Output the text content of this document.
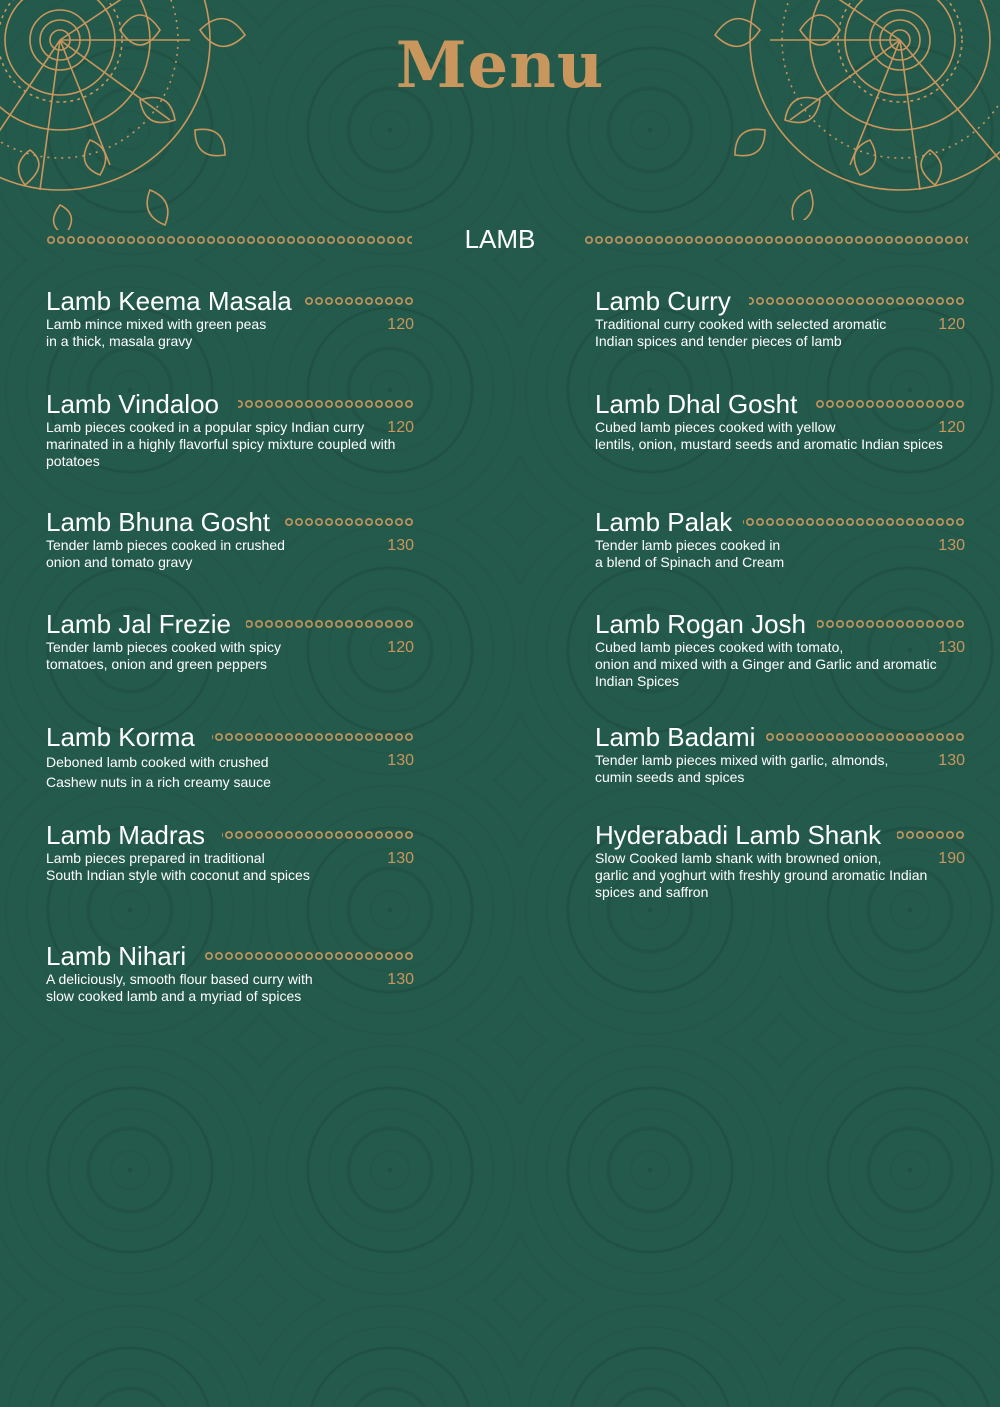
Menu
LAMB
Lamb Keema Masala
Lamb mince mixed with green peas
in a thick, masala gravy
120
Lamb Vindaloo
Lamb pieces cooked in a popular spicy Indian curry
marinated in a highly flavorful spicy mixture coupled with
potatoes
120
Lamb Bhuna Gosht
Tender lamb pieces cooked in crushed
onion and tomato gravy
130
Lamb Jal Frezie
Tender lamb pieces cooked with spicy
tomatoes, onion and green peppers
120
Lamb Korma
Deboned lamb cooked with crushed
Cashew nuts in a rich creamy sauce
130
Lamb Madras
Lamb pieces prepared in traditional
South Indian style with coconut and spices
130
Lamb Nihari
A deliciously, smooth flour based curry with
slow cooked lamb and a myriad of spices
130
Lamb Curry
Traditional curry cooked with selected aromatic
Indian spices and tender pieces of lamb
120
Lamb Dhal Gosht
Cubed lamb pieces cooked with yellow
lentils, onion, mustard seeds and aromatic Indian spices
120
Lamb Palak
Tender lamb pieces cooked in
a blend of Spinach and Cream
130
Lamb Rogan Josh
Cubed lamb pieces cooked with tomato,
onion and mixed with a Ginger and Garlic and aromatic
Indian Spices
130
Lamb Badami
Tender lamb pieces mixed with garlic, almonds,
cumin seeds and spices
130
Hyderabadi Lamb Shank
Slow Cooked lamb shank with browned onion,
garlic and yoghurt with freshly ground aromatic Indian
spices and saffron
190
